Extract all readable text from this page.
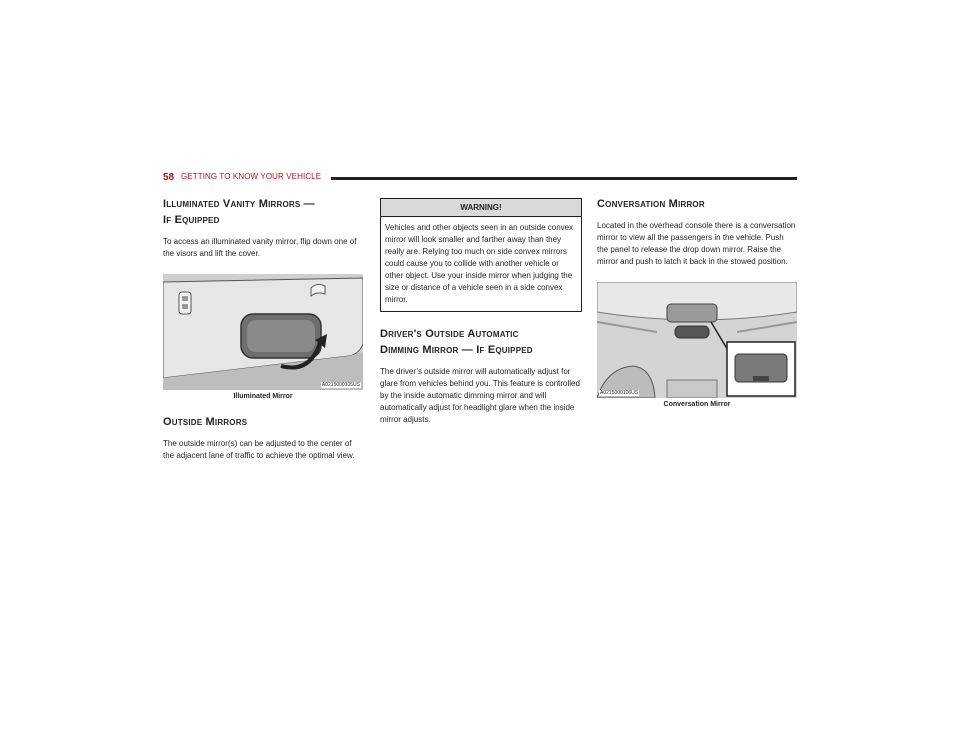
58 GETTING TO KNOW YOUR VEHICLE
Illuminated Vanity Mirrors —
If Equipped

To access an illuminated vanity mirror, flip down one of the visors and lift the cover.

A0215000105US
Illuminated Mirror
Outside Mirrors

The outside mirror(s) can be adjusted to the center of the adjacent lane of traffic to achieve the optimal view.

WARNING!
Vehicles and other objects seen in an outside convex mirror will look smaller and farther away than they really are. Relying too much on side convex mirrors could cause you to collide with another vehicle or other object. Use your inside mirror when judging the size or distance of a vehicle seen in a side convex mirror.
Driver's Outside Automatic
Dimming Mirror — If Equipped

The driver’s outside mirror will automatically adjust for glare from vehicles behind you. This feature is controlled by the inside automatic dimming mirror and will automatically adjust for headlight glare when the inside mirror adjusts.

Conversation Mirror

Located in the overhead console there is a conversation mirror to view all the passengers in the vehicle. Push the panel to release the drop down mirror. Raise the mirror and push to latch it back in the stowed position.

A0215000106US
Conversation Mirror
